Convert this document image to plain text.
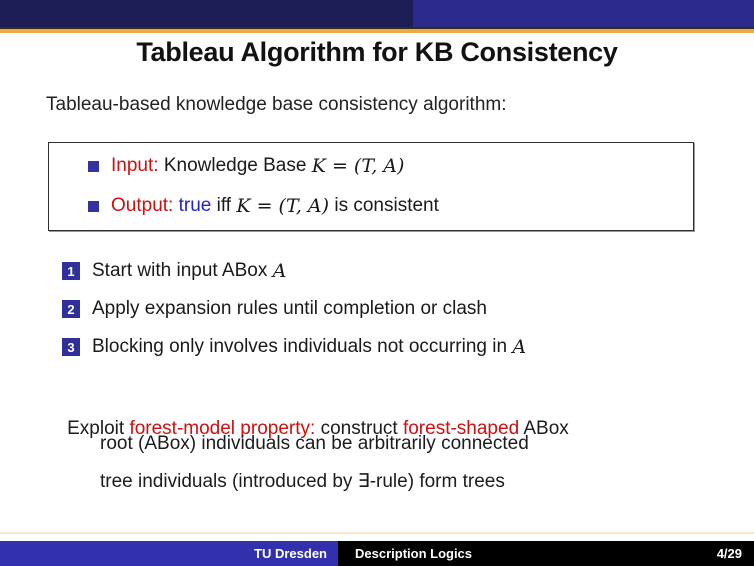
Tableau Algorithm for KB Consistency
Tableau-based knowledge base consistency algorithm:
Input: Knowledge Base K = (T, A)
Output:
true iff K = (T, A) is consistent
1 Start with input ABox A
2 Apply expansion rules until completion or clash
3 Blocking only involves individuals not occurring in A

Exploit forest-model property: construct forest-shaped ABox

root (ABox) individuals can be arbitrarily connected
tree individuals (introduced by ∃-rule) form trees
TU Dresden	Description Logics	4/29
